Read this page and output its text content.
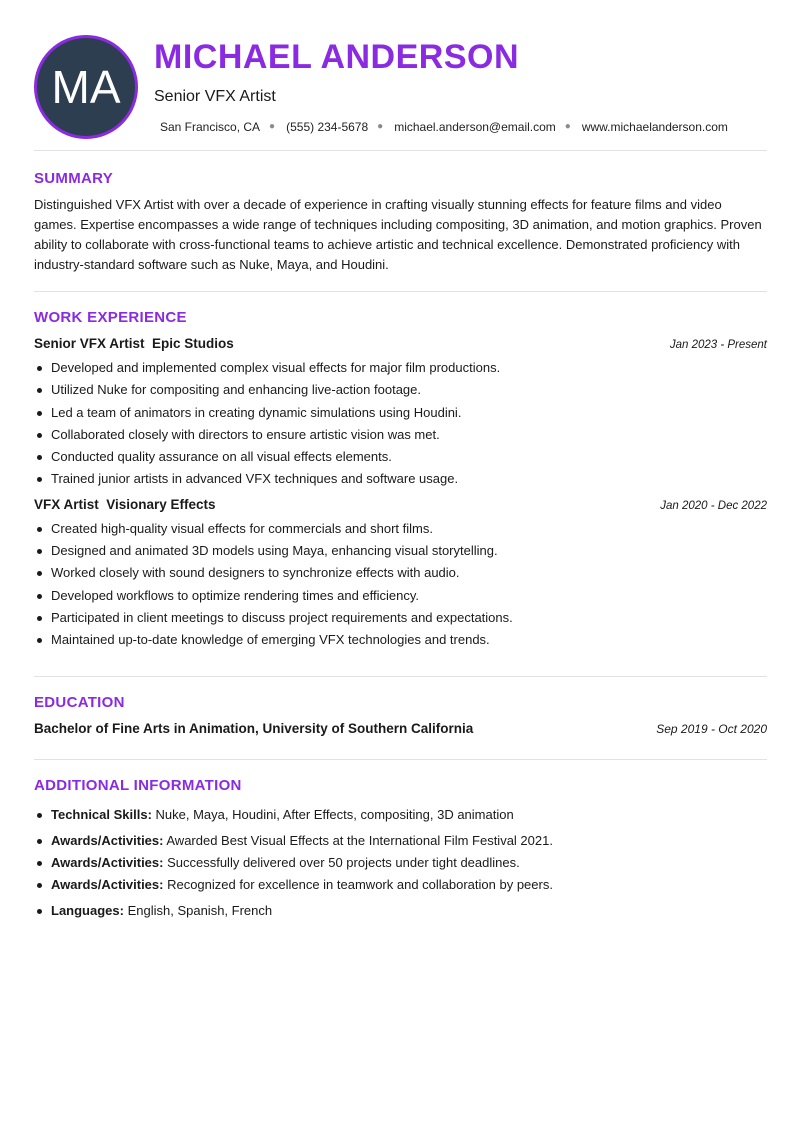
MA
MICHAEL ANDERSON
Senior VFX Artist
San Francisco, CA ● (555) 234-5678 ● michael.anderson@email.com ● www.michaelanderson.com
SUMMARY
Distinguished VFX Artist with over a decade of experience in crafting visually stunning effects for feature films and video games. Expertise encompasses a wide range of techniques including compositing, 3D animation, and motion graphics. Proven ability to collaborate with cross-functional teams to achieve artistic and technical excellence. Demonstrated proficiency with industry-standard software such as Nuke, Maya, and Houdini.
WORK EXPERIENCE
Senior VFX Artist  Epic Studios	Jan 2023 - Present
Developed and implemented complex visual effects for major film productions.
Utilized Nuke for compositing and enhancing live-action footage.
Led a team of animators in creating dynamic simulations using Houdini.
Collaborated closely with directors to ensure artistic vision was met.
Conducted quality assurance on all visual effects elements.
Trained junior artists in advanced VFX techniques and software usage.
VFX Artist  Visionary Effects	Jan 2020 - Dec 2022
Created high-quality visual effects for commercials and short films.
Designed and animated 3D models using Maya, enhancing visual storytelling.
Worked closely with sound designers to synchronize effects with audio.
Developed workflows to optimize rendering times and efficiency.
Participated in client meetings to discuss project requirements and expectations.
Maintained up-to-date knowledge of emerging VFX technologies and trends.
EDUCATION
Bachelor of Fine Arts in Animation, University of Southern California	Sep 2019 - Oct 2020
ADDITIONAL INFORMATION
Technical Skills: Nuke, Maya, Houdini, After Effects, compositing, 3D animation
Awards/Activities: Awarded Best Visual Effects at the International Film Festival 2021.
Awards/Activities: Successfully delivered over 50 projects under tight deadlines.
Awards/Activities: Recognized for excellence in teamwork and collaboration by peers.
Languages: English, Spanish, French
